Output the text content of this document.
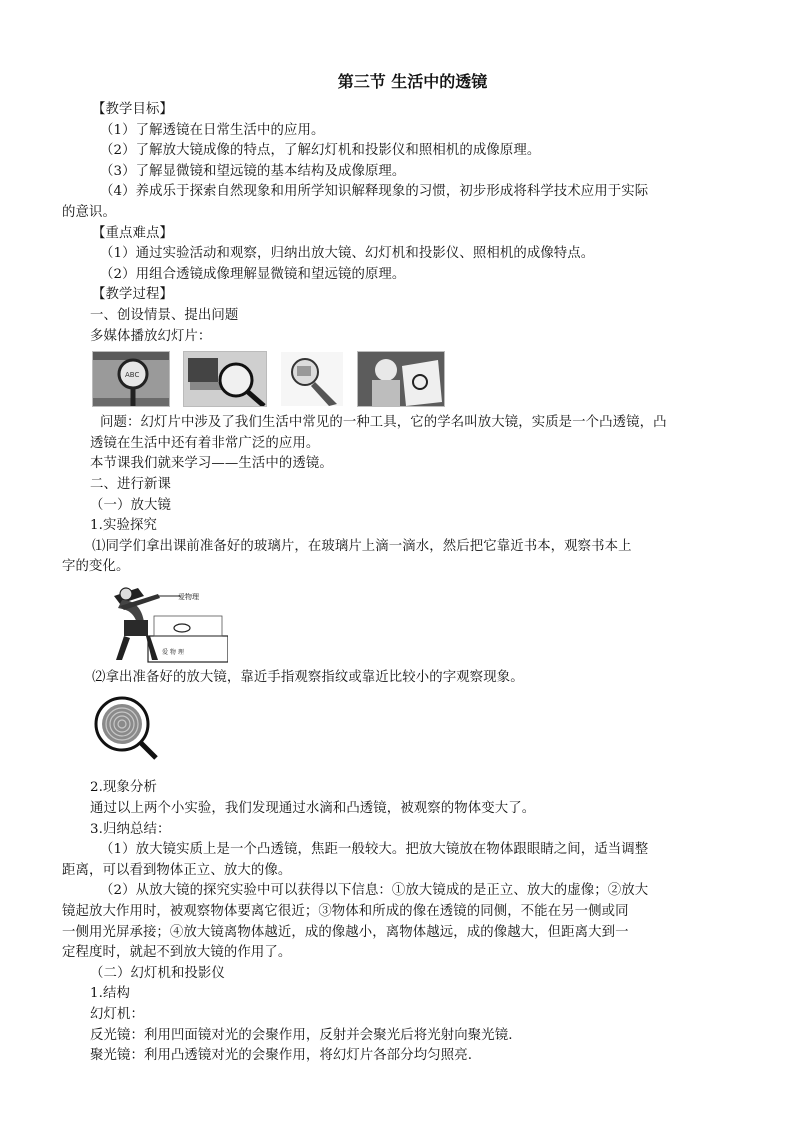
第三节 生活中的透镜

【教学目标】

（1）了解透镜在日常生活中的应用。

（2）了解放大镜成像的特点，了解幻灯机和投影仪和照相机的成像原理。

（3）了解显微镜和望远镜的基本结构及成像原理。

（4）养成乐于探索自然现象和用所学知识解释现象的习惯，初步形成将科学技术应用于实际

的意识。

【重点难点】

（1）通过实验活动和观察，归纳出放大镜、幻灯机和投影仪、照相机的成像特点。

（2）用组合透镜成像理解显微镜和望远镜的原理。

【教学过程】

一、创设情景、提出问题

多媒体播放幻灯片：

ABC

问题：幻灯片中涉及了我们生活中常见的一种工具，它的学名叫放大镜，实质是一个凸透镜，凸

透镜在生活中还有着非常广泛的应用。

本节课我们就来学习——生活中的透镜。

二、进行新课

（一）放大镜

1.实验探究

⑴同学们拿出课前准备好的玻璃片，在玻璃片上滴一滴水，然后把它靠近书本，观察书本上

字的变化。

爱物理
爱 物 理

⑵拿出准备好的放大镜，靠近手指观察指纹或靠近比较小的字观察现象。

2.现象分析

通过以上两个小实验，我们发现通过水滴和凸透镜，被观察的物体变大了。

3.归纳总结：

（1）放大镜实质上是一个凸透镜，焦距一般较大。把放大镜放在物体跟眼睛之间，适当调整

距离，可以看到物体正立、放大的像。

（2）从放大镜的探究实验中可以获得以下信息：①放大镜成的是正立、放大的虚像；②放大

镜起放大作用时，被观察物体要离它很近；③物体和所成的像在透镜的同侧，不能在另一侧或同

一侧用光屏承接；④放大镜离物体越近，成的像越小，离物体越远，成的像越大，但距离大到一

定程度时，就起不到放大镜的作用了。

（二）幻灯机和投影仪

1.结构

幻灯机：

反光镜：利用凹面镜对光的会聚作用，反射并会聚光后将光射向聚光镜.

聚光镜：利用凸透镜对光的会聚作用，将幻灯片各部分均匀照亮.
